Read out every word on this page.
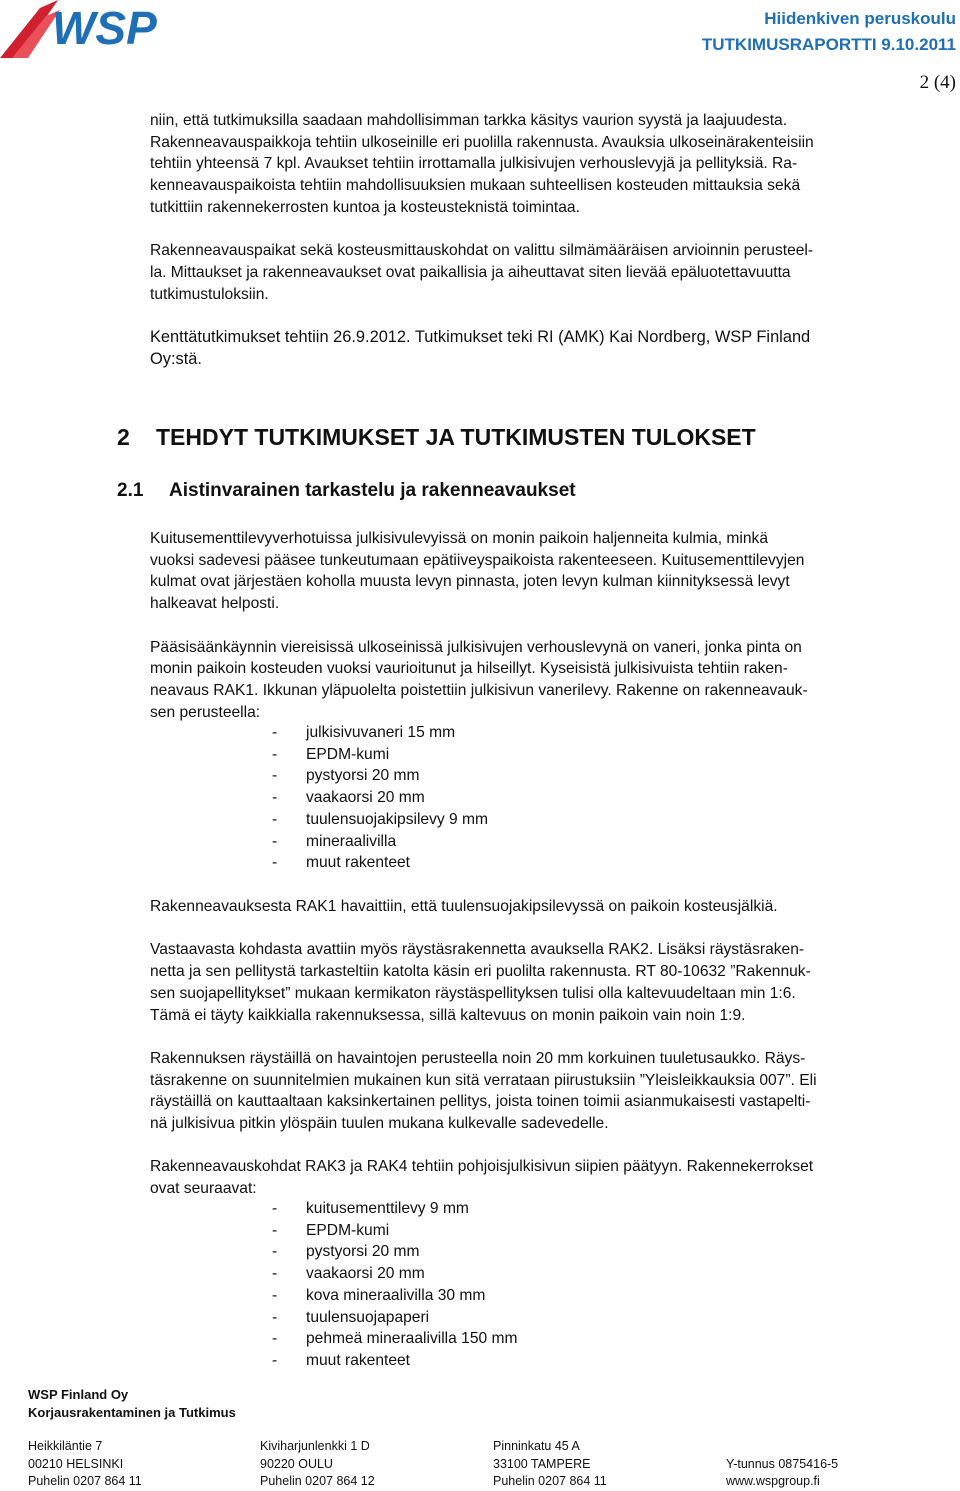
WSP	Hiidenkiven peruskoulu
TUTKIMUSRAPORTTI 9.10.2011
2 (4)

niin, että tutkimuksilla saadaan mahdollisimman tarkka käsitys vaurion syystä ja laajuudesta.
Rakenneavauspaikkoja tehtiin ulkoseinille eri puolilla rakennusta. Avauksia ulkoseinärakenteisiin
tehtiin yhteensä 7 kpl. Avaukset tehtiin irrottamalla julkisivujen verhouslevyjä ja pellityksiä. Ra-
kenneavauspaikoista tehtiin mahdollisuuksien mukaan suhteellisen kosteuden mittauksia sekä
tutkittiin rakennekerrosten kuntoa ja kosteusteknistä toimintaa.

Rakenneavauspaikat sekä kosteusmittauskohdat on valittu silmämääräisen arvioinnin perusteel-
la. Mittaukset ja rakenneavaukset ovat paikallisia ja aiheuttavat siten lievää epäluotettavuutta
tutkimustuloksiin.

Kenttätutkimukset tehtiin 26.9.2012. Tutkimukset teki RI (AMK) Kai Nordberg, WSP Finland
Oy:stä.

2 TEHDYT TUTKIMUKSET JA TUTKIMUSTEN TULOKSET
2.1 Aistinvarainen tarkastelu ja rakenneavaukset

Kuitusementtilevyverhotuissa julkisivulevyissä on monin paikoin haljenneita kulmia, minkä
vuoksi sadevesi pääsee tunkeutumaan epätiiveyspaikoista rakenteeseen. Kuitusementtilevyjen
kulmat ovat järjestäen koholla muusta levyn pinnasta, joten levyn kulman kiinnityksessä levyt
halkeavat helposti.

Pääsisäänkäynnin viereisissä ulkoseinissä julkisivujen verhouslevynä on vaneri, jonka pinta on
monin paikoin kosteuden vuoksi vaurioitunut ja hilseillyt. Kyseisistä julkisivuista tehtiin raken-
neavaus RAK1. Ikkunan yläpuolelta poistettiin julkisivun vanerilevy. Rakenne on rakenneavauk-
sen perusteella:

- julkisivuvaneri 15 mm
- EPDM-kumi
- pystyorsi 20 mm
- vaakaorsi 20 mm
- tuulensuojakipsilevy 9 mm
- mineraalivilla
- muut rakenteet

Rakenneavauksesta RAK1 havaittiin, että tuulensuojakipsilevyssä on paikoin kosteusjälkiä.

Vastaavasta kohdasta avattiin myös räystäsrakennetta avauksella RAK2. Lisäksi räystäsraken-
netta ja sen pellitystä tarkasteltiin katolta käsin eri puolilta rakennusta. RT 80-10632 ”Rakennuk-
sen suojapellitykset” mukaan kermikaton räystäspellityksen tulisi olla kaltevuudeltaan min 1:6.
Tämä ei täyty kaikkialla rakennuksessa, sillä kaltevuus on monin paikoin vain noin 1:9.

Rakennuksen räystäillä on havaintojen perusteella noin 20 mm korkuinen tuuletusaukko. Räys-
täsrakenne on suunnitelmien mukainen kun sitä verrataan piirustuksiin ”Yleisleikkauksia 007”. Eli
räystäillä on kauttaaltaan kaksinkertainen pellitys, joista toinen toimii asianmukaisesti vastapelti-
nä julkisivua pitkin ylöspäin tuulen mukana kulkevalle sadevedelle.

Rakenneavauskohdat RAK3 ja RAK4 tehtiin pohjoisjulkisivun siipien päätyyn. Rakennekerrokset
ovat seuraavat:

- kuitusementtilevy 9 mm
- EPDM-kumi
- pystyorsi 20 mm
- vaakaorsi 20 mm
- kova mineraalivilla 30 mm
- tuulensuojapaperi
- pehmeä mineraalivilla 150 mm
- muut rakenteet
WSP Finland Oy
Korjausrakentaminen ja Tutkimus
Heikkiläntie 7
00210 HELSINKI
Puhelin 0207 864 11
Kiviharjunlenkki 1 D
90220 OULU
Puhelin 0207 864 12
Pinninkatu 45 A
33100 TAMPERE
Puhelin 0207 864 11
Y-tunnus 0875416-5
www.wspgroup.fi
